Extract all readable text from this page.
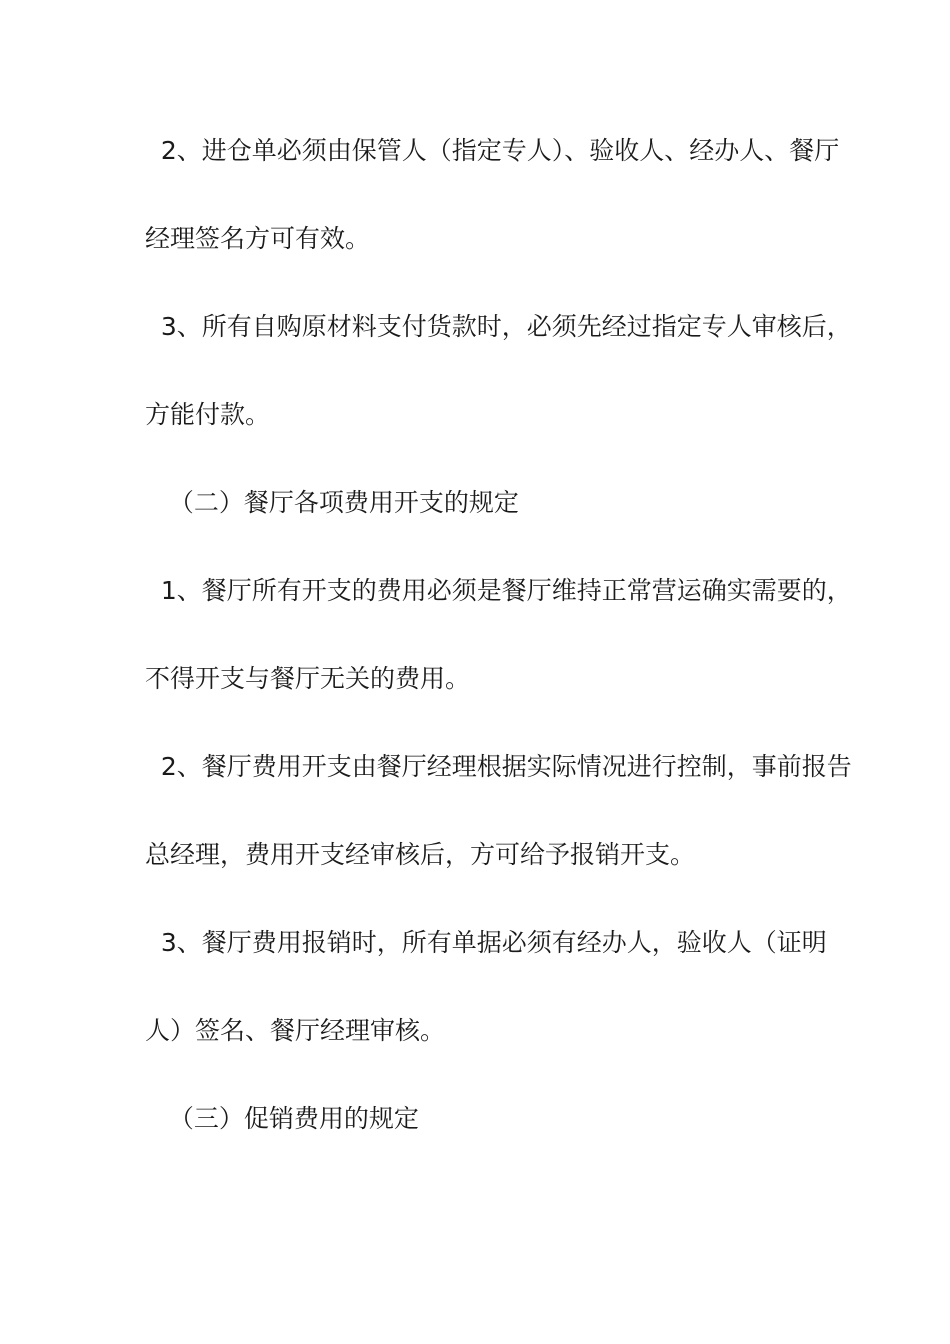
2、进仓单必须由保管人（指定专人）、验收人、经办人、餐厅
经理签名方可有效。
3、所有自购原材料支付货款时，必须先经过指定专人审核后，
方能付款。
（二）餐厅各项费用开支的规定
1、餐厅所有开支的费用必须是餐厅维持正常营运确实需要的，
不得开支与餐厅无关的费用。
2、餐厅费用开支由餐厅经理根据实际情况进行控制，事前报告
总经理，费用开支经审核后，方可给予报销开支。
3、餐厅费用报销时，所有单据必须有经办人，验收人（证明
人）签名、餐厅经理审核。
（三）促销费用的规定
